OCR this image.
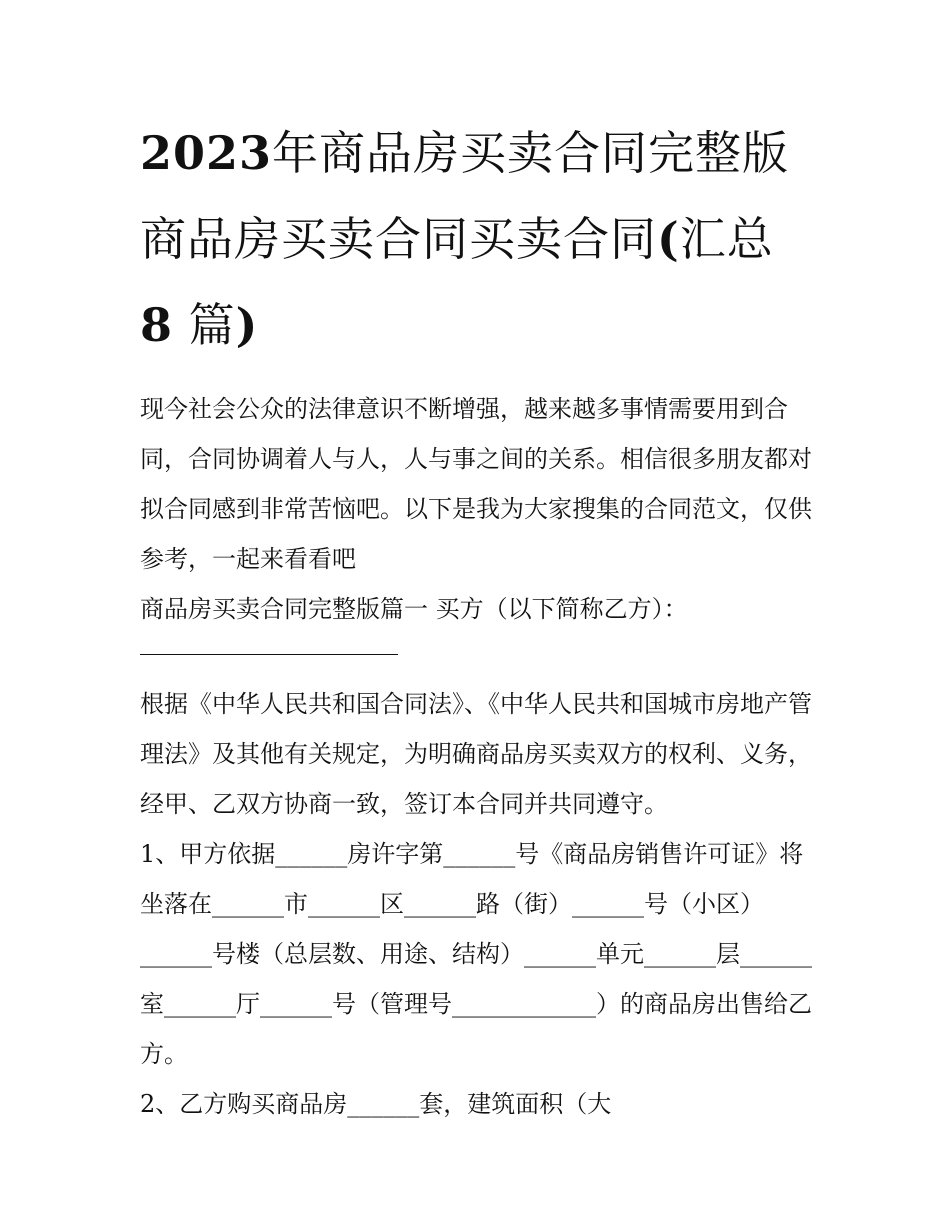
2023年商品房买卖合同完整版商品房买卖合同买卖合同(汇总
8 篇)

现今社会公众的法律意识不断增强，越来越多事情需要用到合同，合同协调着人与人，人与事之间的关系。相信很多朋友都对拟合同感到非常苦恼吧。以下是我为大家搜集的合同范文，仅供参考，一起来看看吧

商品房买卖合同完整版篇一 买方（以下简称乙方）：

根据《中华人民共和国合同法》、《中华人民共和国城市房地产管理法》及其他有关规定，为明确商品房买卖双方的权利、义务，经甲、乙双方协商一致，签订本合同并共同遵守。

1、甲方依据______房许字第______号《商品房销售许可证》将坐落在______市______区______路（街）______号（小区）______号楼（总层数、用途、结构）______单元______层______室______厅______号（管理号____________）的商品房出售给乙方。

2、乙方购买商品房______套，建筑面积（大
